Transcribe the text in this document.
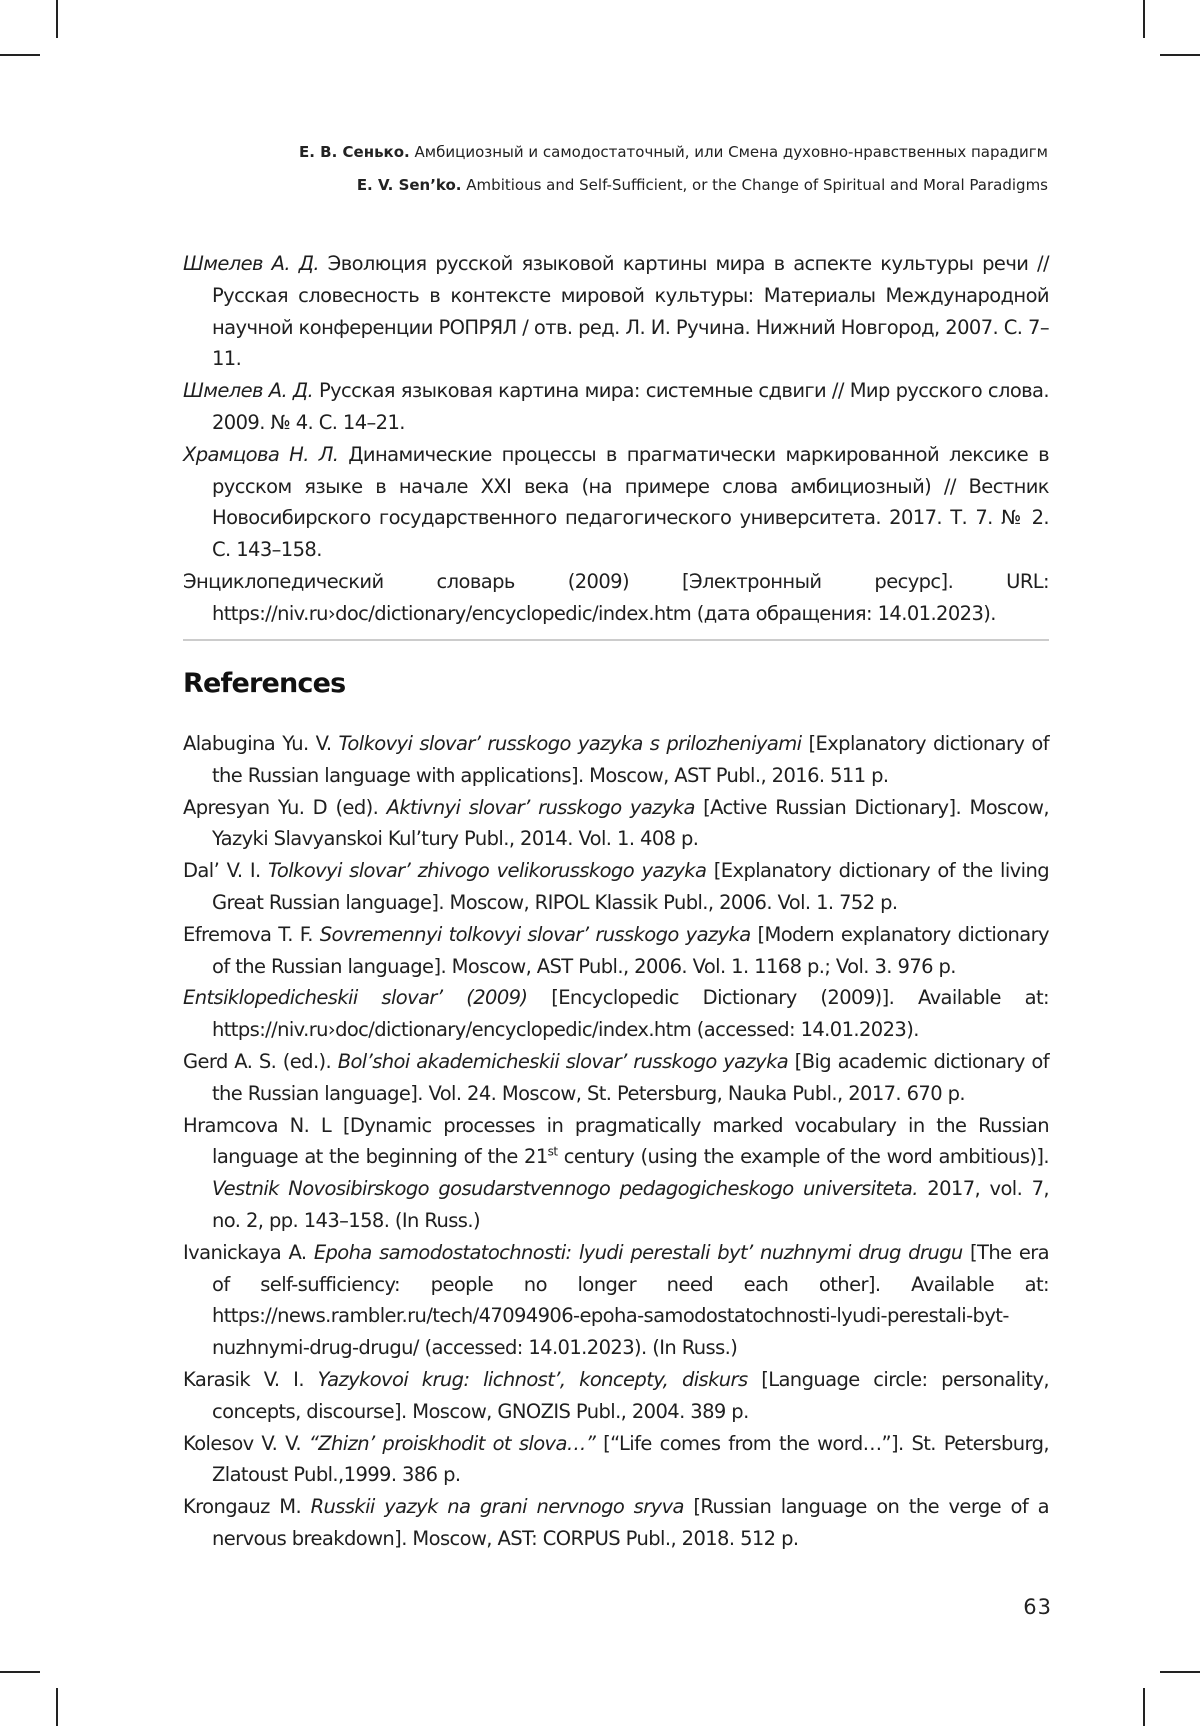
Е. В. Сенько. Амбициозный и самодостаточный, или Смена духовно-нравственных парадигм
E. V. Sen’ko. Ambitious and Self-Sufficient, or the Change of Spiritual and Moral Paradigms

Шмелев А. Д. Эволюция русской языковой картины мира в аспекте культуры речи // Русская словесность в контексте мировой культуры: Материалы Международной научной конференции РОПРЯЛ / отв. ред. Л. И. Ручина. Нижний Новгород, 2007. С. 7–11.

Шмелев А. Д. Русская языковая картина мира: системные сдвиги // Мир русского слова. 2009. № 4. С. 14–21.

Храмцова Н. Л. Динамические процессы в прагматически маркированной лексике в русском языке в начале XXI века (на примере слова амбициозный) // Вестник Новосибирского государственного педагогического университета. 2017. Т. 7. № 2. С. 143–158.

Энциклопедический словарь (2009) [Электронный ресурс]. URL: https://niv.ru›doc/dictionary/encyclopedic/index.htm (дата обращения: 14.01.2023).

References

Alabugina Yu. V. Tolkovyi slovar’ russkogo yazyka s prilozheniyami [Explanatory dictionary of the Russian language with applications]. Moscow, AST Publ., 2016. 511 p.

Apresyan Yu. D (ed). Aktivnyi slovar’ russkogo yazyka [Active Russian Dictionary]. Moscow, Yazyki Slavyanskoi Kul’tury Publ., 2014. Vol. 1. 408 p.

Dal’ V. I. Tolkovyi slovar’ zhivogo velikorusskogo yazyka [Explanatory dictionary of the living Great Russian language]. Moscow, RIPOL Klassik Publ., 2006. Vol. 1. 752 p.

Efremova T. F. Sovremennyi tolkovyi slovar’ russkogo yazyka [Modern explanatory dictionary of the Russian language]. Moscow, AST Publ., 2006. Vol. 1. 1168 p.; Vol. 3. 976 p.

Entsiklopedicheskii slovar’ (2009) [Encyclopedic Dictionary (2009)]. Available at: https://niv.ru›doc/dictionary/encyclopedic/index.htm (accessed: 14.01.2023).

Gerd A. S. (ed.). Bol’shoi akademicheskii slovar’ russkogo yazyka [Big academic dictionary of the Russian language]. Vol. 24. Moscow, St. Petersburg, Nauka Publ., 2017. 670 p.

Hramcova N. L [Dynamic processes in pragmatically marked vocabulary in the Russian language at the beginning of the 21st century (using the example of the word ambitious)]. Vestnik Novosibirskogo gosudarstvennogo pedagogicheskogo universiteta. 2017, vol. 7, no. 2, pp. 143–158. (In Russ.)

Ivanickaya A. Epoha samodostatochnosti: lyudi perestali byt’ nuzhnymi drug drugu [The era of self-sufficiency: people no longer need each other]. Available at: https://news.rambler.ru/tech/47094906-epoha-samodostatochnosti-lyudi-perestali-byt-nuzhnymi-drug-drugu/ (accessed: 14.01.2023). (In Russ.)

Karasik V. I. Yazykovoi krug: lichnost’, koncepty, diskurs [Language circle: personality, concepts, discourse]. Moscow, GNOZIS Publ., 2004. 389 p.

Kolesov V. V. “Zhizn’ proiskhodit ot slova…” [“Life comes from the word…”]. St. Petersburg, Zlatoust Publ.,1999. 386 p.

Krongauz M. Russkii yazyk na grani nervnogo sryva [Russian language on the verge of a nervous breakdown]. Moscow, AST: CORPUS Publ., 2018. 512 p.

63
